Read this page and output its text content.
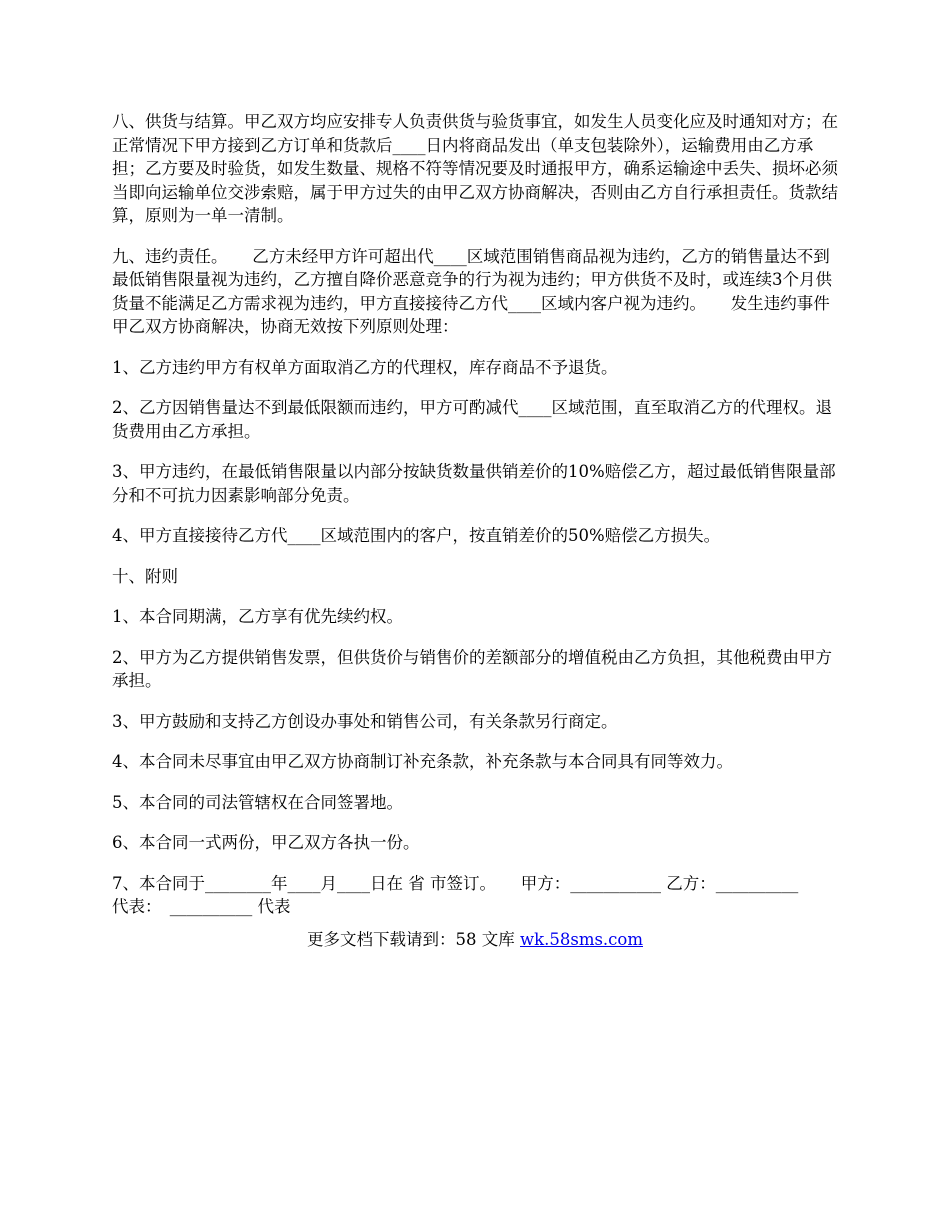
八、供货与结算。甲乙双方均应安排专人负责供货与验货事宜，如发生人员变化应及时通知对方；在正常情况下甲方接到乙方订单和货款后____日内将商品发出（单支包装除外），运输费用由乙方承担；乙方要及时验货，如发生数量、规格不符等情况要及时通报甲方，确系运输途中丢失、损坏必须当即向运输单位交涉索赔，属于甲方过失的由甲乙双方协商解决，否则由乙方自行承担责任。货款结算，原则为一单一清制。

九、违约责任。　　乙方未经甲方许可超出代____区域范围销售商品视为违约，乙方的销售量达不到最低销售限量视为违约，乙方擅自降价恶意竞争的行为视为违约；甲方供货不及时，或连续3个月供货量不能满足乙方需求视为违约，甲方直接接待乙方代____区域内客户视为违约。　　发生违约事件甲乙双方协商解决，协商无效按下列原则处理：

1、乙方违约甲方有权单方面取消乙方的代理权，库存商品不予退货。

2、乙方因销售量达不到最低限额而违约，甲方可酌减代____区域范围，直至取消乙方的代理权。退货费用由乙方承担。

3、甲方违约，在最低销售限量以内部分按缺货数量供销差价的10%赔偿乙方，超过最低销售限量部分和不可抗力因素影响部分免责。

4、甲方直接接待乙方代____区域范围内的客户，按直销差价的50%赔偿乙方损失。

十、附则

1、本合同期满，乙方享有优先续约权。

2、甲方为乙方提供销售发票，但供货价与销售价的差额部分的增值税由乙方负担，其他税费由甲方承担。

3、甲方鼓励和支持乙方创设办事处和销售公司，有关条款另行商定。

4、本合同未尽事宜由甲乙双方协商制订补充条款，补充条款与本合同具有同等效力。

5、本合同的司法管辖权在合同签署地。

6、本合同一式两份，甲乙双方各执一份。

7、本合同于________年____月____日在 省 市签订。　　甲方：___________ 乙方：__________　　代表：　__________ 代表

更多文档下载请到：58 文库 wk.58sms.com
